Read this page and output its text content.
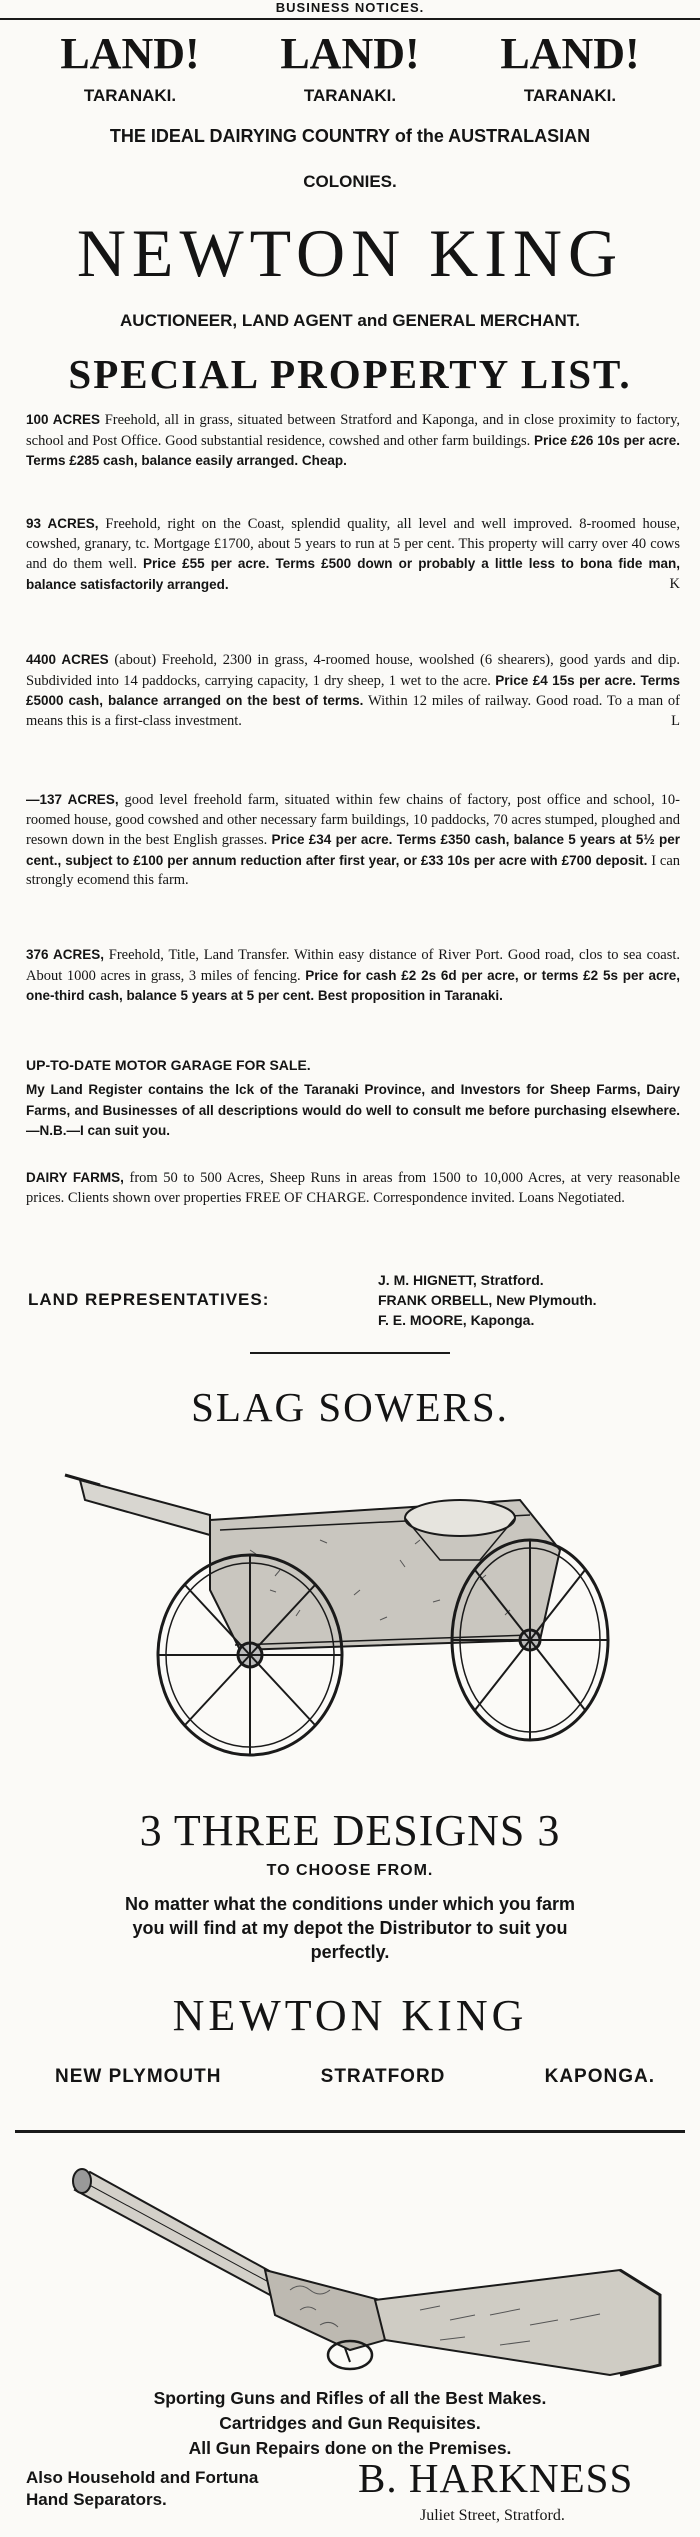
BUSINESS NOTICES.
LAND!	LAND!	LAND!
TARANAKI.	TARANAKI.	TARANAKI.
THE IDEAL DAIRYING COUNTRY of the AUSTRALASIAN
COLONIES.
NEWTON KING
AUCTIONEER, LAND AGENT and GENERAL MERCHANT.
SPECIAL PROPERTY LIST.
100 ACRES Freehold, all in grass, situated between Stratford and Kaponga, and in close proximity to factory, school and Post Office. Good substantial residence, cowshed and other farm buildings. Price £26 10s per acre. Terms £285 cash, balance easily arranged. Cheap.
93 ACRES, Freehold, right on the Coast, splendid quality, all level and well improved. 8-roomed house, cowshed, granary, tc. Mortgage £1700, about 5 years to run at 5 per cent. This property will carry over 40 cows and do them well. Price £55 per acre. Terms £500 down or probably a little less to bona fide man, balance satisfactorily arranged.	K
4400 ACRES (about) Freehold, 2300 in grass, 4-roomed house, woolshed (6 shearers), good yards and dip. Subdivided into 14 paddocks, carrying capacity, 1 dry sheep, 1 wet to the acre. Price £4 15s per acre. Terms £5000 cash, balance arranged on the best of terms. Within 12 miles of railway. Good road. To a man of means this is a first-class investment.	L
—137 ACRES, good level freehold farm, situated within few chains of factory, post office and school, 10-roomed house, good cowshed and other necessary farm buildings, 10 paddocks, 70 acres stumped, ploughed and resown down in the best English grasses. Price £34 per acre. Terms £350 cash, balance 5 years at 5½ per cent., subject to £100 per annum reduction after first year, or £33 10s per acre with £700 deposit. I can strongly ecomend this farm.
376 ACRES, Freehold, Title, Land Transfer. Within easy distance of River Port. Good road, clos to sea coast. About 1000 acres in grass, 3 miles of fencing. Price for cash £2 2s 6d per acre, or terms £2 5s per acre, one-third cash, balance 5 years at 5 per cent. Best proposition in Taranaki.
UP-TO-DATE MOTOR GARAGE FOR SALE.
My Land Register contains the lck of the Taranaki Province, and Investors for Sheep Farms, Dairy Farms, and Businesses of all descriptions would do well to consult me before purchasing elsewhere.—N.B.—I can suit you.
DAIRY FARMS, from 50 to 500 Acres, Sheep Runs in areas from 1500 to 10,000 Acres, at very reasonable prices. Clients shown over properties FREE OF CHARGE. Correspondence invited. Loans Negotiated.
LAND REPRESENTATIVES:
J. M. HIGNETT, Stratford.
FRANK ORBELL, New Plymouth.
F. E. MOORE, Kaponga.
SLAG SOWERS.
3 THREE DESIGNS 3
TO CHOOSE FROM.
No matter what the conditions under which you farm you will find at my depot the Distributor to suit you perfectly.
NEWTON KING
NEW PLYMOUTH	STRATFORD	KAPONGA.
Sporting Guns and Rifles of all the Best Makes.
Cartridges and Gun Requisites.
All Gun Repairs done on the Premises.
Also Household and Fortuna
Hand Separators.	B. HARKNESS
Juliet Street, Stratford.
